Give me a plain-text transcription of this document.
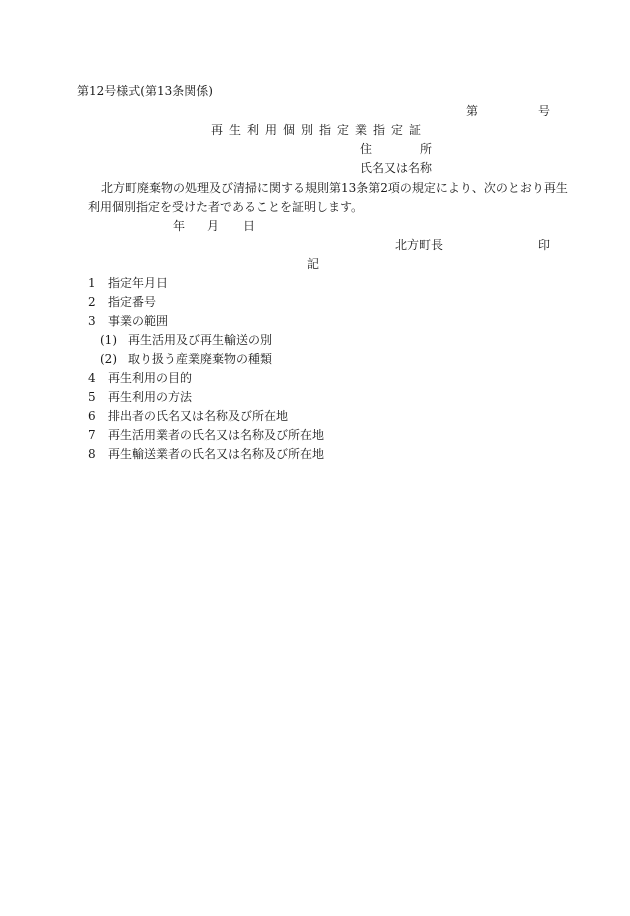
第12号様式(第13条関係)
第	号
再生利用個別指定業指定証
住　　　　所
氏名又は名称
北方町廃棄物の処理及び清掃に関する規則第13条第2項の規定により、次のとおり再生
利用個別指定を受けた者であることを証明します。
年 月 日
北方町長	印
記
1 指定年月日
2 指定番号
3 事業の範囲
(1) 再生活用及び再生輸送の別
(2) 取り扱う産業廃棄物の種類
4 再生利用の目的
5 再生利用の方法
6 排出者の氏名又は名称及び所在地
7 再生活用業者の氏名又は名称及び所在地
8 再生輸送業者の氏名又は名称及び所在地
